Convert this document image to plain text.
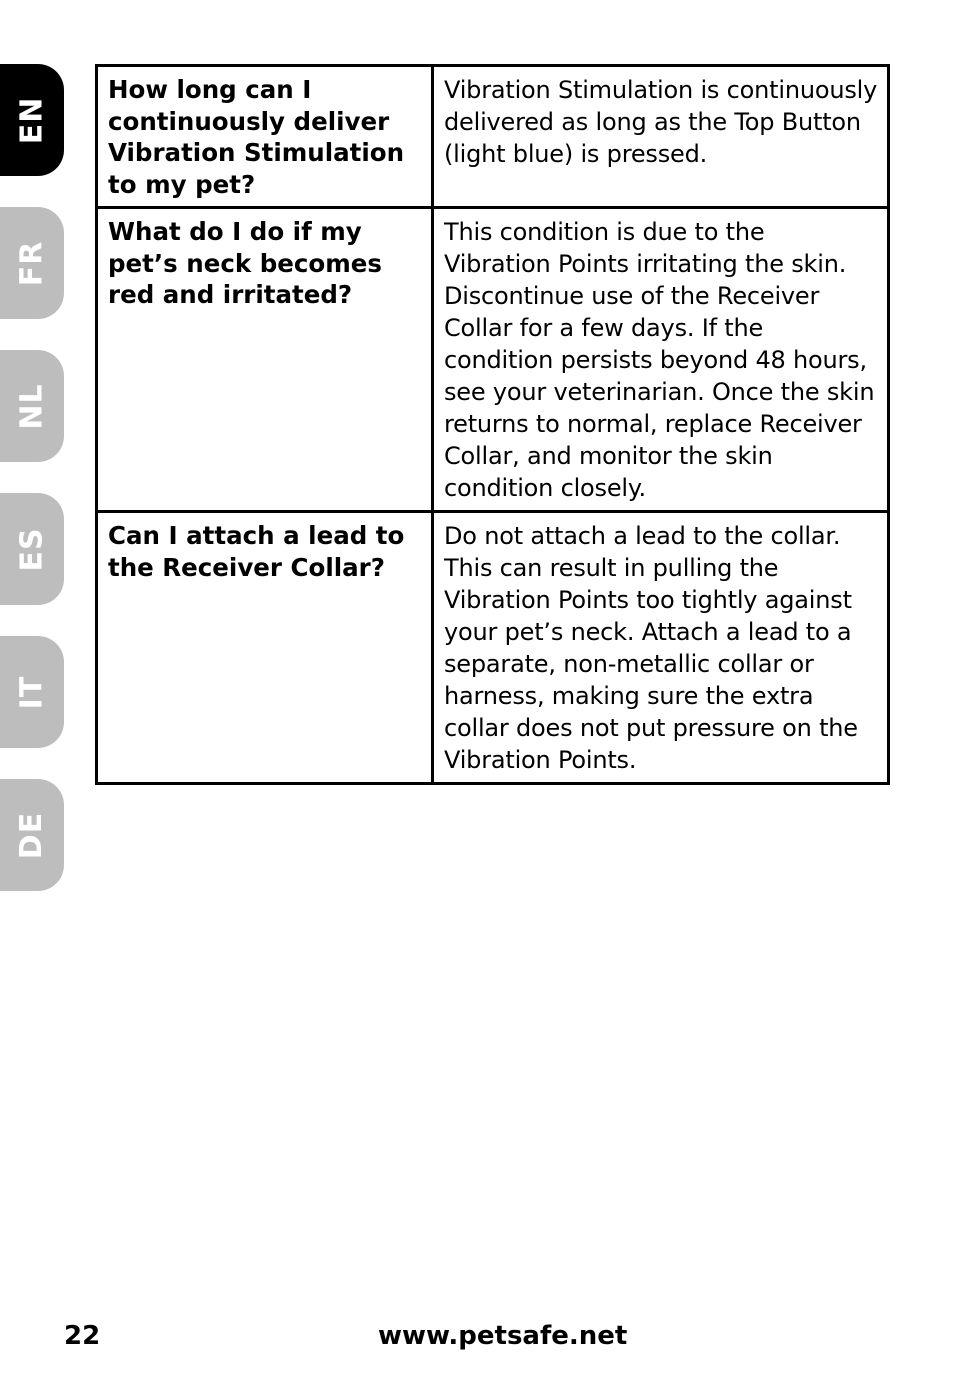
EN
FR
NL
ES
IT
DE
How long can I continuously deliver Vibration Stimulation to my pet?	Vibration Stimulation is continuously delivered as long as the Top Button (light blue) is pressed.
What do I do if my pet’s neck becomes red and irritated?	This condition is due to the Vibration Points irritating the skin. Discontinue use of the Receiver Collar for a few days. If the condition persists beyond 48 hours, see your veterinarian. Once the skin returns to normal, replace Receiver Collar, and monitor the skin condition closely.
Can I attach a lead to the Receiver Collar?	Do not attach a lead to the collar. This can result in pulling the Vibration Points too tightly against your pet’s neck. Attach a lead to a separate, non-metallic collar or harness, making sure the extra collar does not put pressure on the Vibration Points.
22	www.petsafe.net
